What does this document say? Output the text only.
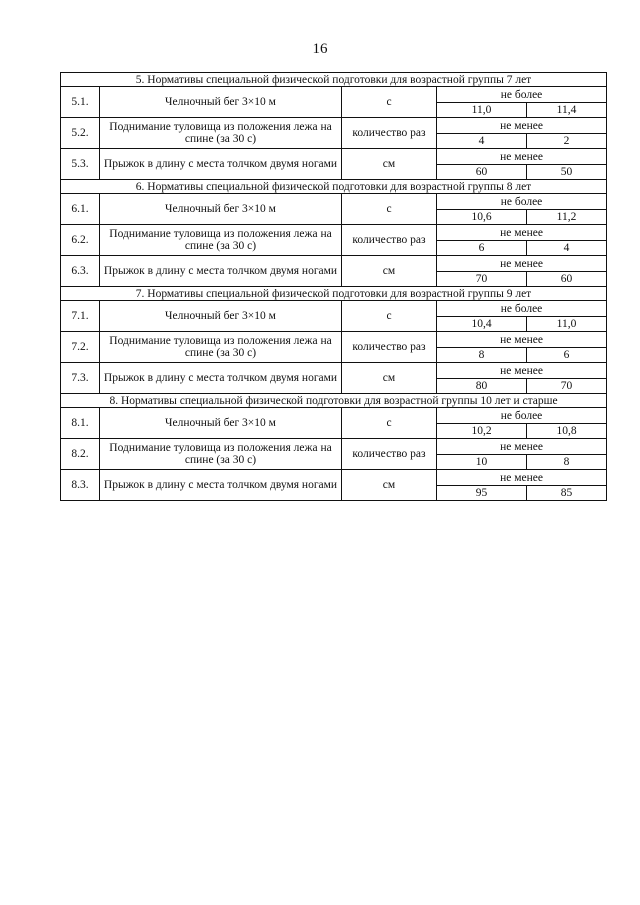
16
5. Нормативы специальной физической подготовки для возрастной группы 7 лет				
5.1.	Челночный бег 3×10 м	с	не более	
			11,0	11,4
5.2.	Поднимание туловища из положения лежа на спине (за 30 с)	количество раз	не менее	
			4	2
5.3.	Прыжок в длину с места толчком двумя ногами	см	не менее	
			60	50
6. Нормативы специальной физической подготовки для возрастной группы 8 лет				
6.1.	Челночный бег 3×10 м	с	не более	
			10,6	11,2
6.2.	Поднимание туловища из положения лежа на спине (за 30 с)	количество раз	не менее	
			6	4
6.3.	Прыжок в длину с места толчком двумя ногами	см	не менее	
			70	60
7. Нормативы специальной физической подготовки для возрастной группы 9 лет				
7.1.	Челночный бег 3×10 м	с	не более	
			10,4	11,0
7.2.	Поднимание туловища из положения лежа на спине (за 30 с)	количество раз	не менее	
			8	6
7.3.	Прыжок в длину с места толчком двумя ногами	см	не менее	
			80	70
8. Нормативы специальной физической подготовки для возрастной группы 10 лет и старше				
8.1.	Челночный бег 3×10 м	с	не более	
			10,2	10,8
8.2.	Поднимание туловища из положения лежа на спине (за 30 с)	количество раз	не менее	
			10	8
8.3.	Прыжок в длину с места толчком двумя ногами	см	не менее	
			95	85
